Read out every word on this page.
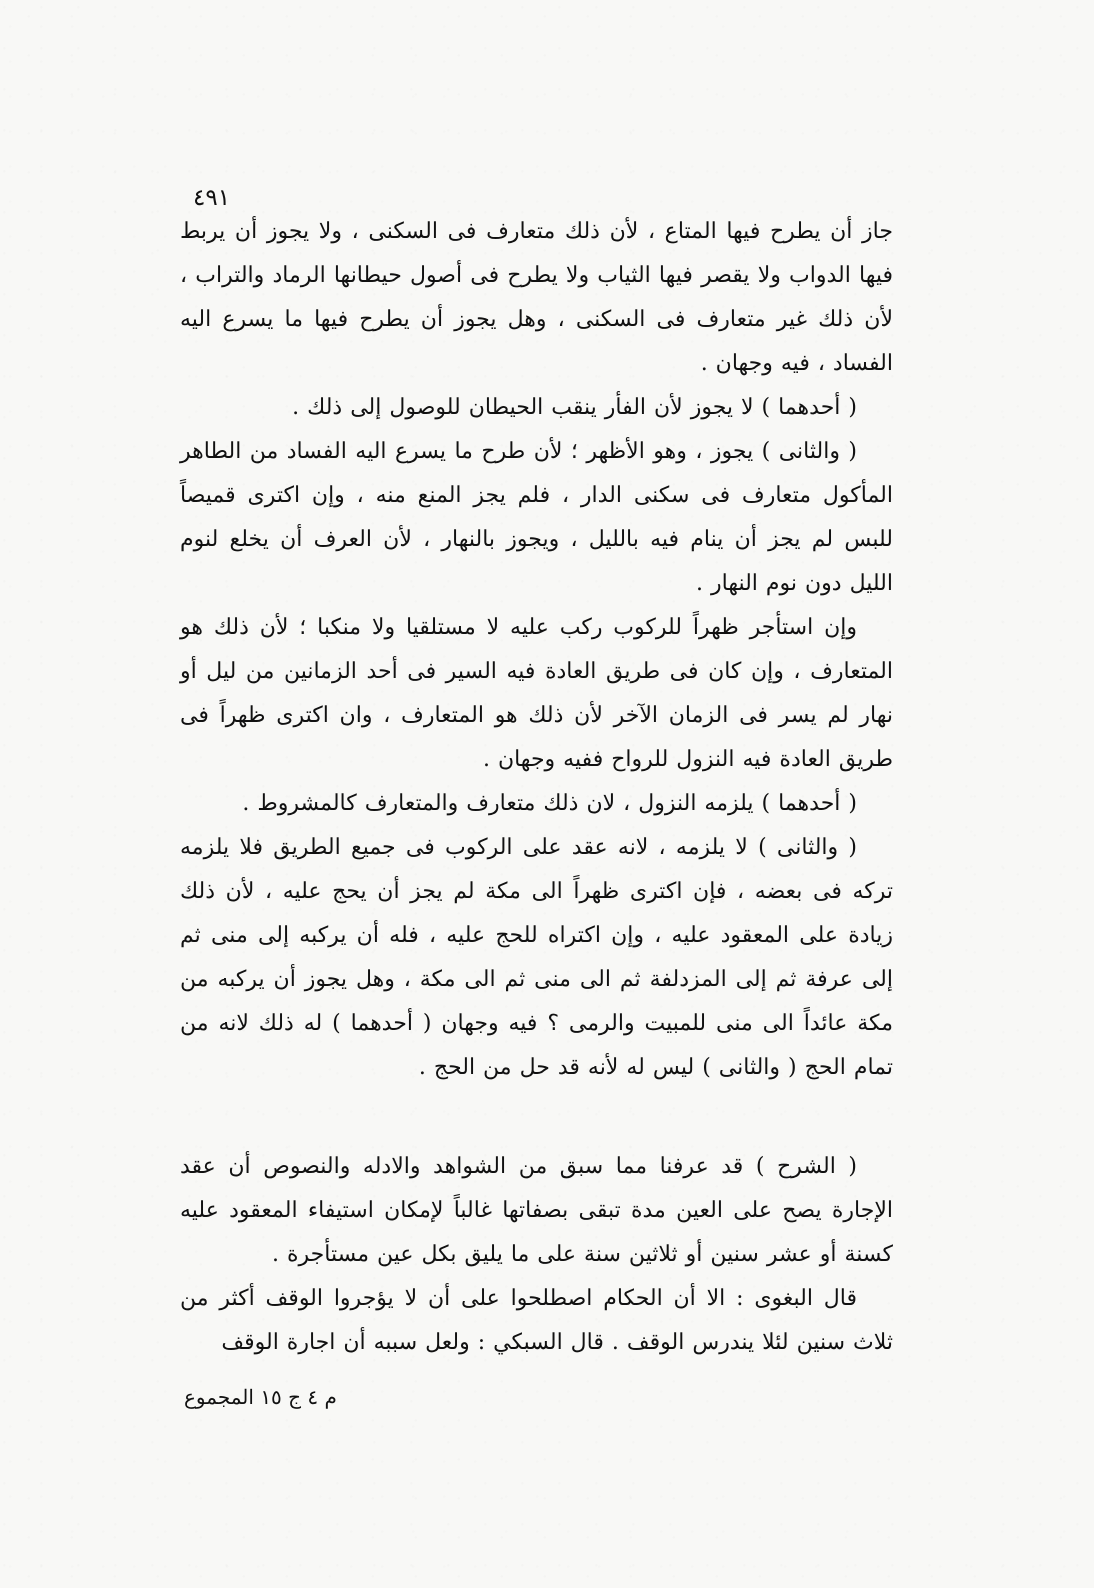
٤٩١

جاز أن يطرح فيها المتاع ، لأن ذلك متعارف فى السكنى ، ولا يجوز أن يربط فيها الدواب ولا يقصر فيها الثياب ولا يطرح فى أصول حيطانها الرماد والتراب ، لأن ذلك غير متعارف فى السكنى ، وهل يجوز أن يطرح فيها ما يسرع اليه الفساد ، فيه وجهان .

( أحدهما ) لا يجوز لأن الفأر ينقب الحيطان للوصول إلى ذلك .

( والثانى ) يجوز ، وهو الأظهر ؛ لأن طرح ما يسرع اليه الفساد من الطاهر المأكول متعارف فى سكنى الدار ، فلم يجز المنع منه ، وإن اكترى قميصاً للبس لم يجز أن ينام فيه بالليل ، ويجوز بالنهار ، لأن العرف أن يخلع لنوم الليل دون نوم النهار .

وإن استأجر ظهراً للركوب ركب عليه لا مستلقيا ولا منكبا ؛ لأن ذلك هو المتعارف ، وإن كان فى طريق العادة فيه السير فى أحد الزمانين من ليل أو نهار لم يسر فى الزمان الآخر لأن ذلك هو المتعارف ، وان اكترى ظهراً فى طريق العادة فيه النزول للرواح ففيه وجهان .

( أحدهما ) يلزمه النزول ، لان ذلك متعارف والمتعارف كالمشروط .

( والثانى ) لا يلزمه ، لانه عقد على الركوب فى جميع الطريق فلا يلزمه تركه فى بعضه ، فإن اكترى ظهراً الى مكة لم يجز أن يحج عليه ، لأن ذلك زيادة على المعقود عليه ، وإن اكتراه للحج عليه ، فله أن يركبه إلى منى ثم إلى عرفة ثم إلى المزدلفة ثم الى منى ثم الى مكة ، وهل يجوز أن يركبه من مكة عائداً الى منى للمبيت والرمى ؟ فيه وجهان ( أحدهما ) له ذلك لانه من تمام الحج ( والثانى ) ليس له لأنه قد حل من الحج .

( الشرح ) قد عرفنا مما سبق من الشواهد والادله والنصوص أن عقد الإجارة يصح على العين مدة تبقى بصفاتها غالباً لإمكان استيفاء المعقود عليه كسنة أو عشر سنين أو ثلاثين سنة على ما يليق بكل عين مستأجرة .

قال البغوى : الا أن الحكام اصطلحوا على أن لا يؤجروا الوقف أكثر من ثلاث سنين لئلا يندرس الوقف . قال السبكي : ولعل سببه أن اجارة الوقف

م ٤ ج ١٥ المجموع
